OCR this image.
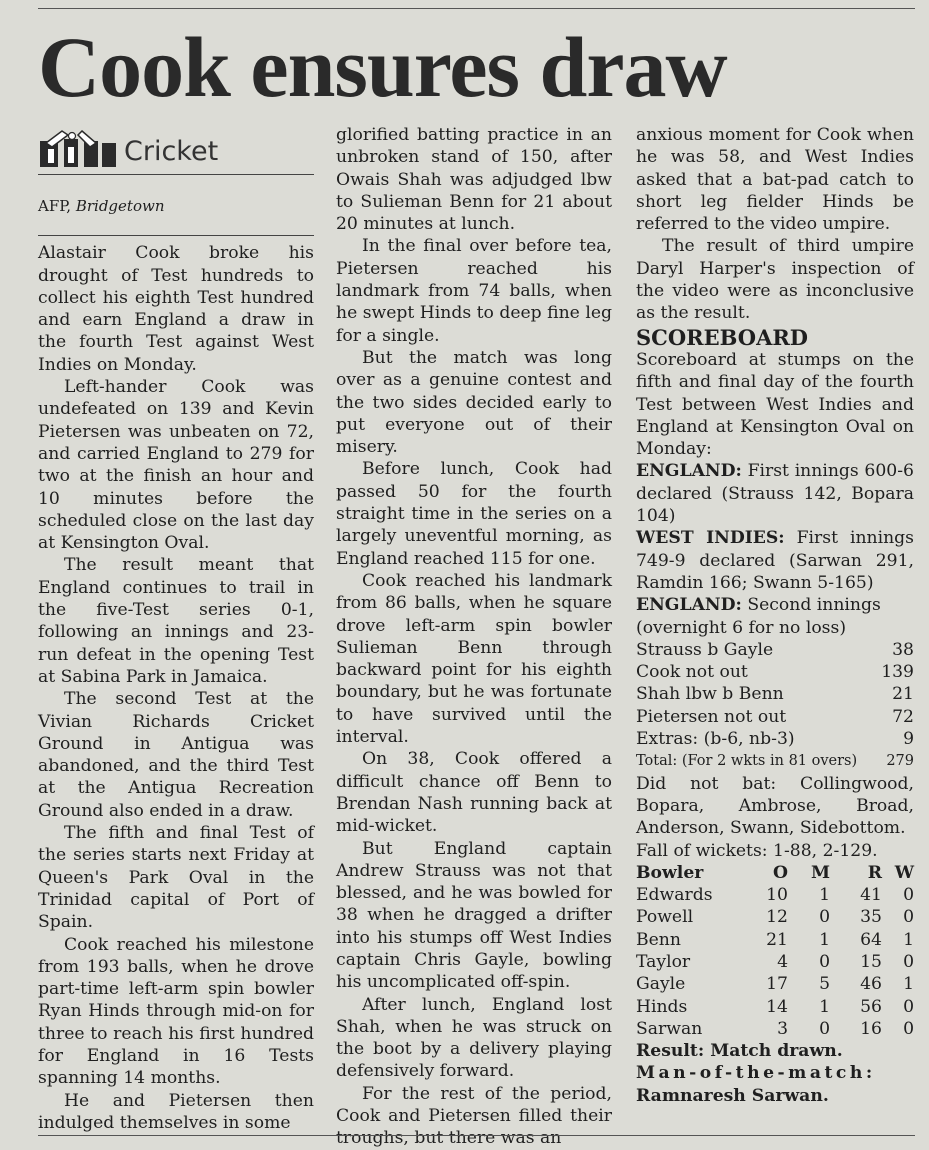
Cook ensures draw
Cricket
AFP, Bridgetown

Alastair Cook broke his drought of Test hundreds to collect his eighth Test hundred and earn England a draw in the fourth Test against West Indies on Monday.

Left-hander Cook was undefeated on 139 and Kevin Pietersen was unbeaten on 72, and carried England to 279 for two at the finish an hour and 10 minutes before the scheduled close on the last day at Kensington Oval.

The result meant that England continues to trail in the five-Test series 0-1, following an innings and 23-run defeat in the opening Test at Sabina Park in Jamaica.

The second Test at the Vivian Richards Cricket Ground in Antigua was abandoned, and the third Test at the Antigua Recreation Ground also ended in a draw.

The fifth and final Test of the series starts next Friday at Queen's Park Oval in the Trinidad capital of Port of Spain.

Cook reached his milestone from 193 balls, when he drove part-time left-arm spin bowler Ryan Hinds through mid-on for three to reach his first hundred for England in 16 Tests spanning 14 months.

He and Pietersen then indulged themselves in some

glorified batting practice in an unbroken stand of 150, after Owais Shah was adjudged lbw to Sulieman Benn for 21 about 20 minutes at lunch.

In the final over before tea, Pietersen reached his landmark from 74 balls, when he swept Hinds to deep fine leg for a single.

But the match was long over as a genuine contest and the two sides decided early to put everyone out of their misery.

Before lunch, Cook had passed 50 for the fourth straight time in the series on a largely uneventful morning, as England reached 115 for one.

Cook reached his landmark from 86 balls, when he square drove left-arm spin bowler Sulieman Benn through backward point for his eighth boundary, but he was fortunate to have survived until the interval.

On 38, Cook offered a difficult chance off Benn to Brendan Nash running back at mid-wicket.

But England captain Andrew Strauss was not that blessed, and he was bowled for 38 when he dragged a drifter into his stumps off West Indies captain Chris Gayle, bowling his uncomplicated off-spin.

After lunch, England lost Shah, when he was struck on the boot by a delivery playing defensively forward.

For the rest of the period, Cook and Pietersen filled their troughs, but there was an

anxious moment for Cook when he was 58, and West Indies asked that a bat-pad catch to short leg fielder Hinds be referred to the video umpire.

The result of third umpire Daryl Harper's inspection of the video were as inconclusive as the result.

SCOREBOARD
Scoreboard at stumps on the fifth and final day of the fourth Test between West Indies and England at Kensington Oval on Monday:
ENGLAND: First innings 600-6 declared (Strauss 142, Bopara 104)
WEST INDIES: First innings 749-9 declared (Sarwan 291, Ramdin 166; Swann 5-165)
ENGLAND: Second innings
(overnight 6 for no loss)
Strauss b Gayle	38
Cook not out	139
Shah lbw b Benn	21
Pietersen not out	72
Extras: (b-6, nb-3)	9
Total: (For 2 wkts in 81 overs) 279
Did not bat: Collingwood, Bopara, Ambrose, Broad, Anderson, Swann, Sidebottom.
Fall of wickets: 1-88, 2-129.
Bowler	O	M	R W
Edwards	10	1	41	0
Powell	12	0	35	0
Benn	21	1	64	1
Taylor	4	0	15	0
Gayle	17	5	46	1
Hinds	14	1	56	0
Sarwan	3	0	16	0
Result: Match drawn.
Man-of-the-match:
Ramnaresh Sarwan.
